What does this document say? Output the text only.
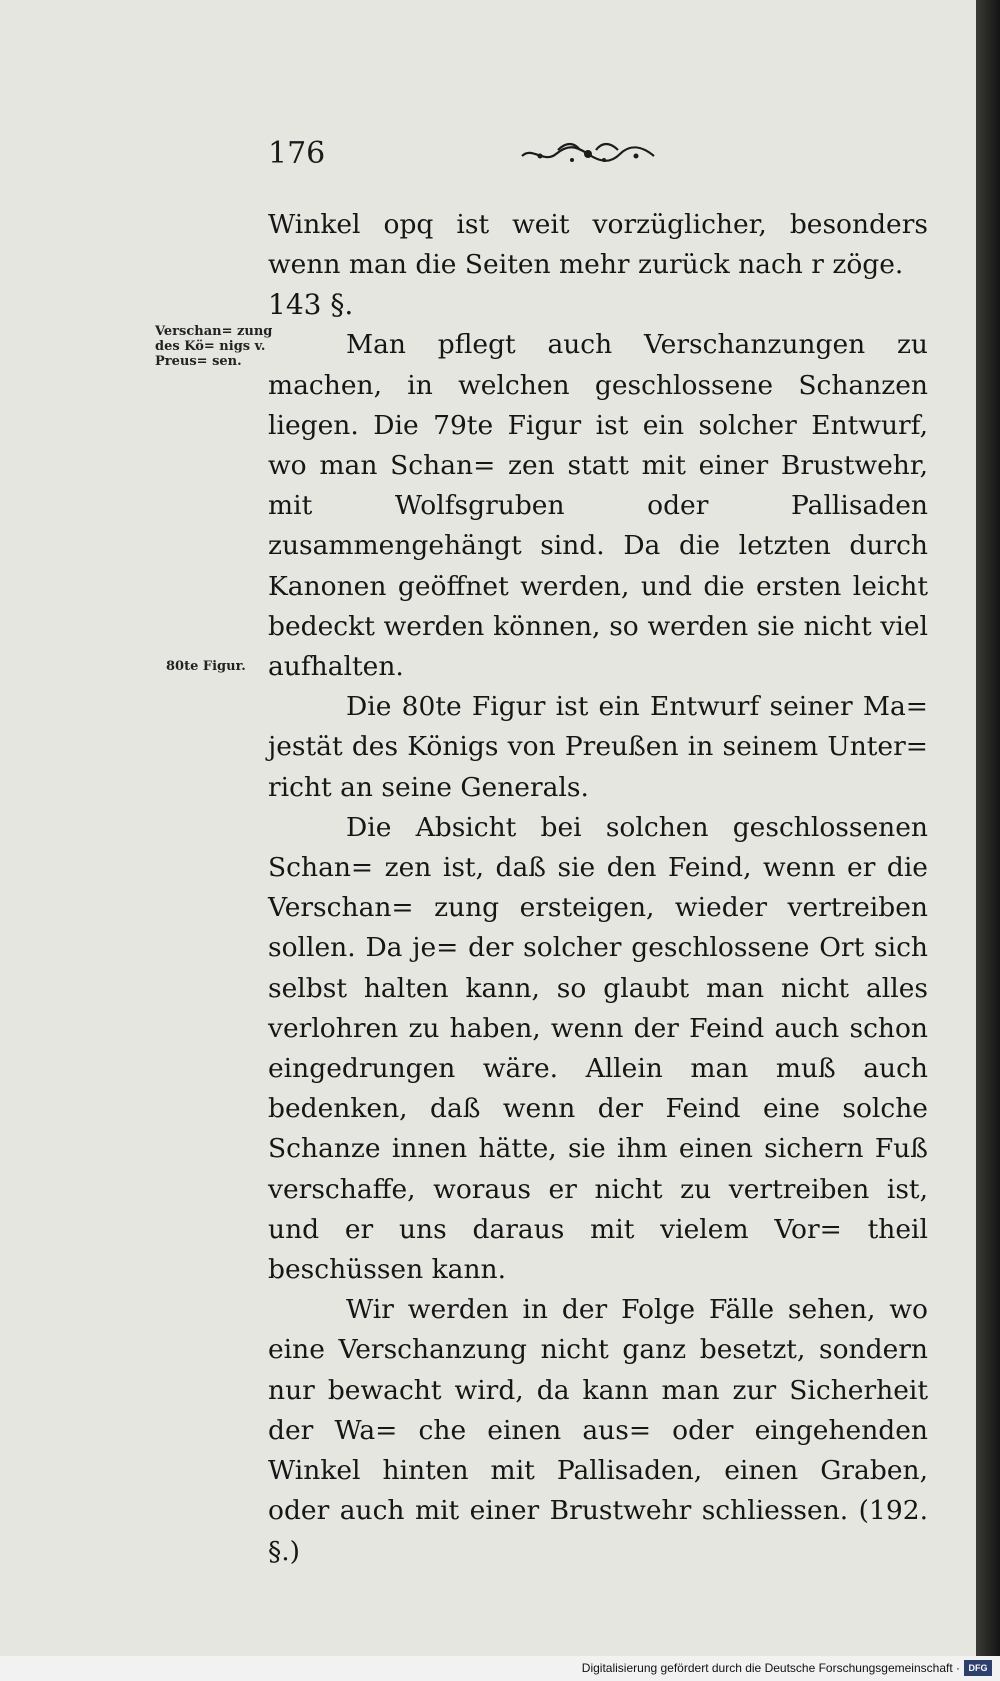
176
Verschan= zung des Kö= nigs v. Preus= sen.
80te Figur.

Winkel opq ist weit vorzüglicher, besonders wenn man die Seiten mehr zurück nach r zöge.

143 §.

Man pflegt auch Verschanzungen zu machen, in welchen geschlossene Schanzen liegen. Die 79te Figur ist ein solcher Entwurf, wo man Schan= zen statt mit einer Brustwehr, mit Wolfsgruben oder Pallisaden zusammengehängt sind. Da die letzten durch Kanonen geöffnet werden, und die ersten leicht bedeckt werden können, so werden sie nicht viel aufhalten.

Die 80te Figur ist ein Entwurf seiner Ma= jestät des Königs von Preußen in seinem Unter= richt an seine Generals.

Die Absicht bei solchen geschlossenen Schan= zen ist, daß sie den Feind, wenn er die Verschan= zung ersteigen, wieder vertreiben sollen. Da je= der solcher geschlossene Ort sich selbst halten kann, so glaubt man nicht alles verlohren zu haben, wenn der Feind auch schon eingedrungen wäre. Allein man muß auch bedenken, daß wenn der Feind eine solche Schanze innen hätte, sie ihm einen sichern Fuß verschaffe, woraus er nicht zu vertreiben ist, und er uns daraus mit vielem Vor= theil beschüssen kann.

Wir werden in der Folge Fälle sehen, wo eine Verschanzung nicht ganz besetzt, sondern nur bewacht wird, da kann man zur Sicherheit der Wa= che einen aus= oder eingehenden Winkel hinten mit Pallisaden, einen Graben, oder auch mit einer Brustwehr schliessen. (192. §.)

Digitalisierung gefördert durch die Deutsche Forschungsgemeinschaft · DFG
